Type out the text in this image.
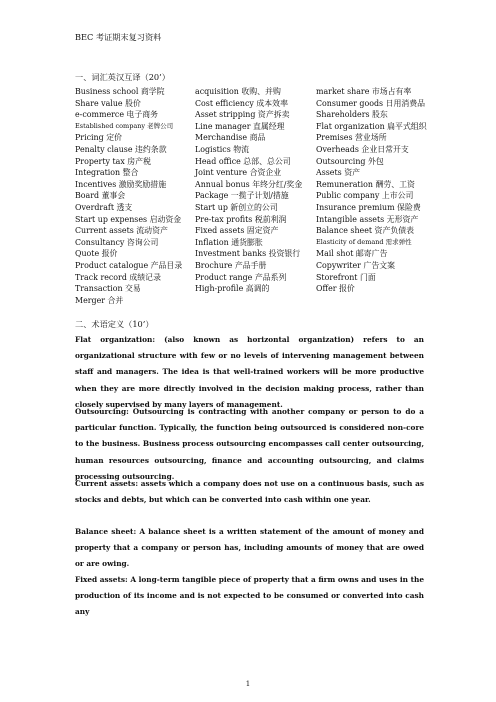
BEC 考证期末复习资料
一、词汇英汉互译（20’）
Business school 商学院
Share value 股价
e-commerce 电子商务
Established company 老牌公司
Pricing 定价
Penalty clause 违约条款
Property tax 房产税
Integration 整合
Incentives 激励奖励措施
Board 董事会
Overdraft 透支
Start up expenses 启动资金
Current assets 流动资产
Consultancy 咨询公司
Quote 报价
Product catalogue 产品目录
Track record 成绩记录
Transaction 交易
Merger 合并
acquisition 收购、并购
Cost efficiency 成本效率
Asset stripping 资产拆卖
Line manager 直属经理
Merchandise 商品
Logistics 物流
Head office 总部、总公司
Joint venture 合资企业
Annual bonus 年终分红/奖金
Package 一揽子计划/措施
Start up 新创立的公司
Pre-tax profits 税前利润
Fixed assets 固定资产
Inflation 通货膨胀
Investment banks 投资银行
Brochure 产品手册
Product range 产品系列
High-profile 高调的
market share 市场占有率
Consumer goods 日用消费品
Shareholders 股东
Flat organization 扁平式组织
Premises 营业场所
Overheads 企业日常开支
Outsourcing 外包
Assets 资产
Remuneration 酬劳、工资
Public company 上市公司
Insurance premium 保险费
Intangible assets 无形资产
Balance sheet 资产负债表
Elasticity of demand 需求弹性
Mail shot 邮寄广告
Copywriter 广告文案
Storefront 门面
Offer 报价
二、术语定义（10’）

Flat organization: (also known as horizontal organization) refers to an organizational structure with few or no levels of intervening management between staff and managers. The idea is that well-trained workers will be more productive when they are more directly involved in the decision making process, rather than closely supervised by many layers of management.

Outsourcing: Outsourcing is contracting with another company or person to do a particular function. Typically, the function being outsourced is considered non-core to the business. Business process outsourcing encompasses call center outsourcing, human resources outsourcing, finance and accounting outsourcing, and claims processing outsourcing.

Current assets: assets which a company does not use on a continuous basis, such as stocks and debts, but which can be converted into cash within one year.

Balance sheet: A balance sheet is a written statement of the amount of money and property that a company or person has, including amounts of money that are owed or are owing.

Fixed assets: A long-term tangible piece of property that a firm owns and uses in the production of its income and is not expected to be consumed or converted into cash any

1
